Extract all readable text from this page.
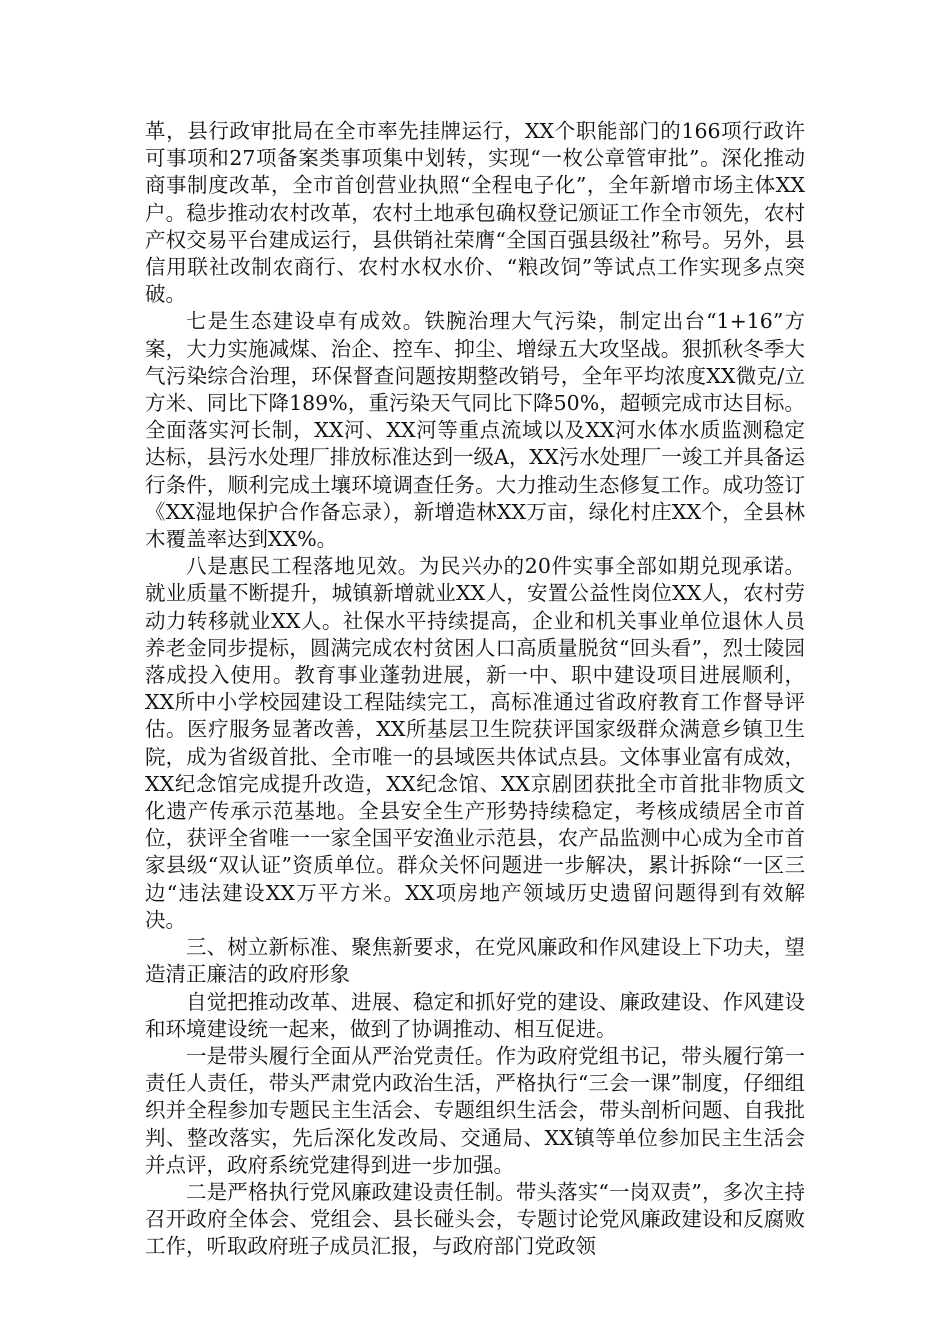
革，县行政审批局在全市率先挂牌运行，XX个职能部门的166项行政许可事项和27项备案类事项集中划转，实现“一枚公章管审批”。深化推动商事制度改革，全市首创营业执照“全程电子化”，全年新增市场主体XX户。稳步推动农村改革，农村土地承包确权登记颁证工作全市领先，农村产权交易平台建成运行，县供销社荣膺“全国百强县级社”称号。另外，县信用联社改制农商行、农村水权水价、“粮改饲”等试点工作实现多点突破。

七是生态建设卓有成效。铁腕治理大气污染，制定出台“1+16”方案，大力实施减煤、治企、控车、抑尘、增绿五大攻坚战。狠抓秋冬季大气污染综合治理，环保督查问题按期整改销号，全年平均浓度XX微克/立方米、同比下降189%，重污染天气同比下降50%，超顿完成市达目标。全面落实河长制，XX河、XX河等重点流域以及XX河水体水质监测稳定达标，县污水处理厂排放标准达到一级A，XX污水处理厂一竣工并具备运行条件，顺利完成土壤环境调查任务。大力推动生态修复工作。成功签订《XX湿地保护合作备忘录），新增造林XX万亩，绿化村庄XX个，全县林木覆盖率达到XX%。

八是惠民工程落地见效。为民兴办的20件实事全部如期兑现承诺。就业质量不断提升，城镇新增就业XX人，安置公益性岗位XX人，农村劳动力转移就业XX人。社保水平持续提高，企业和机关事业单位退休人员养老金同步提标，圆满完成农村贫困人口高质量脱贫“回头看”，烈士陵园落成投入使用。教育事业蓬勃进展，新一中、职中建设项目进展顺利，XX所中小学校园建设工程陆续完工，高标准通过省政府教育工作督导评估。医疗服务显著改善，XX所基层卫生院获评国家级群众满意乡镇卫生院，成为省级首批、全市唯一的县域医共体试点县。文体事业富有成效，XX纪念馆完成提升改造，XX纪念馆、XX京剧团获批全市首批非物质文化遗产传承示范基地。全县安全生产形势持续稳定，考核成绩居全市首位，获评全省唯一一家全国平安渔业示范县，农产品监测中心成为全市首家县级“双认证”资质单位。群众关怀问题进一步解决，累计拆除“一区三边“违法建设XX万平方米。XX项房地产领域历史遗留问题得到有效解决。

三、树立新标准、聚焦新要求，在党风廉政和作风建设上下功夫，望造清正廉洁的政府形象

自觉把推动改革、进展、稳定和抓好党的建设、廉政建设、作风建设和环境建设统一起来，做到了协调推动、相互促进。

一是带头履行全面从严治党责任。作为政府党组书记，带头履行第一责任人责任，带头严肃党内政治生活，严格执行“三会一课”制度，仔细组织并全程参加专题民主生活会、专题组织生活会，带头剖析问题、自我批判、整改落实，先后深化发改局、交通局、XX镇等单位参加民主生活会并点评，政府系统党建得到进一步加强。

二是严格执行党风廉政建设责任制。带头落实“一岗双责”，多次主持召开政府全体会、党组会、县长碰头会，专题讨论党风廉政建设和反腐败工作，听取政府班子成员汇报，与政府部门党政领
